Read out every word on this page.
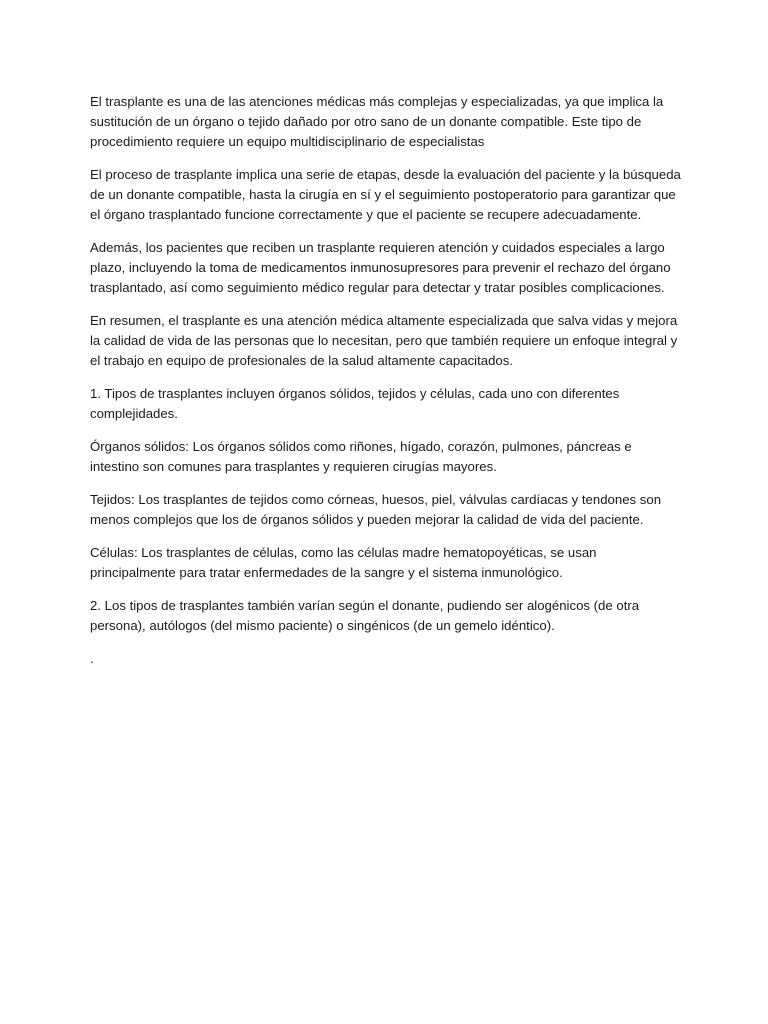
El trasplante es una de las atenciones médicas más complejas y especializadas, ya que implica la sustitución de un órgano o tejido dañado por otro sano de un donante compatible. Este tipo de procedimiento requiere un equipo multidisciplinario de especialistas

El proceso de trasplante implica una serie de etapas, desde la evaluación del paciente y la búsqueda de un donante compatible, hasta la cirugía en sí y el seguimiento postoperatorio para garantizar que el órgano trasplantado funcione correctamente y que el paciente se recupere adecuadamente.

Además, los pacientes que reciben un trasplante requieren atención y cuidados especiales a largo plazo, incluyendo la toma de medicamentos inmunosupresores para prevenir el rechazo del órgano trasplantado, así como seguimiento médico regular para detectar y tratar posibles complicaciones.

En resumen, el trasplante es una atención médica altamente especializada que salva vidas y mejora la calidad de vida de las personas que lo necesitan, pero que también requiere un enfoque integral y el trabajo en equipo de profesionales de la salud altamente capacitados.

1. Tipos de trasplantes incluyen órganos sólidos, tejidos y células, cada uno con diferentes complejidades.

Órganos sólidos: Los órganos sólidos como riñones, hígado, corazón, pulmones, páncreas e intestino son comunes para trasplantes y requieren cirugías mayores.

Tejidos: Los trasplantes de tejidos como córneas, huesos, piel, válvulas cardíacas y tendones son menos complejos que los de órganos sólidos y pueden mejorar la calidad de vida del paciente.

Células: Los trasplantes de células, como las células madre hematopoyéticas, se usan principalmente para tratar enfermedades de la sangre y el sistema inmunológico.

2. Los tipos de trasplantes también varían según el donante, pudiendo ser alogénicos (de otra persona), autólogos (del mismo paciente) o singénicos (de un gemelo idéntico).

.
